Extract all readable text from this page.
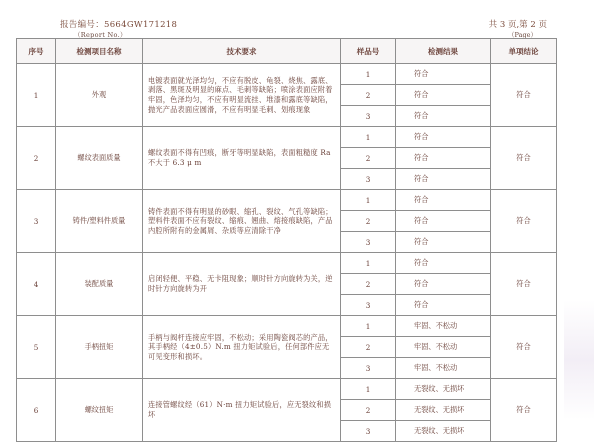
报告编号：5664GW171218
（Report No.）
共 3 页,第 2 页
（Page）
序号	检测项目名称	技术要求	样品号	检测结果	单项结论
1	外观	电镀表面就光泽均匀，不应有脱皮、龟裂、烧焦、露底、剥落、黑斑及明显的麻点、毛刺等缺陷；喷涂表面应附着牢固，色泽均匀，不应有明显流挂、堆漆和露底等缺陷，抛光产品表面应圆滑，不应有明显毛刺、划痕现象	1	符合	符合
			2	符合	
			3	符合	
2	螺纹表面质量	螺纹表面不得有凹痕，断牙等明显缺陷，表面粗糙度 Ra 不大于 6.3 μ m	1	符合	符合
			2	符合	
			3	符合	
3	铸件/塑料件质量	铸件表面不得有明显的砂眼、缩孔、裂纹、气孔等缺陷；塑料件表面不应有裂纹、缩痕、翘曲、熔接痕缺陷，产品内腔所附有的金属屑、杂质等应清除干净	1	符合	符合
			2	符合	
			3	符合	
4	装配质量	启闭轻便、平稳、无卡阻现象；顺时针方向旋转为关，逆时针方向旋转为开	1	符合	符合
			2	符合	
			3	符合	
5	手柄扭矩	手柄与阀杆连接应牢固，不松动；采用陶瓷阀芯的产品，其手柄经（4±0.5）N.m 扭力矩试验后，任何部件应无可见变形和损坏。	1	牢固、不松动	符合
			2	牢固、不松动	
			3	牢固、不松动	
6	螺纹扭矩	连接管螺纹经（61）N·m 扭力矩试验后，应无裂纹和损坏	1	无裂纹、无损坏	符合
			2	无裂纹、无损坏	
			3	无裂纹、无损坏	
